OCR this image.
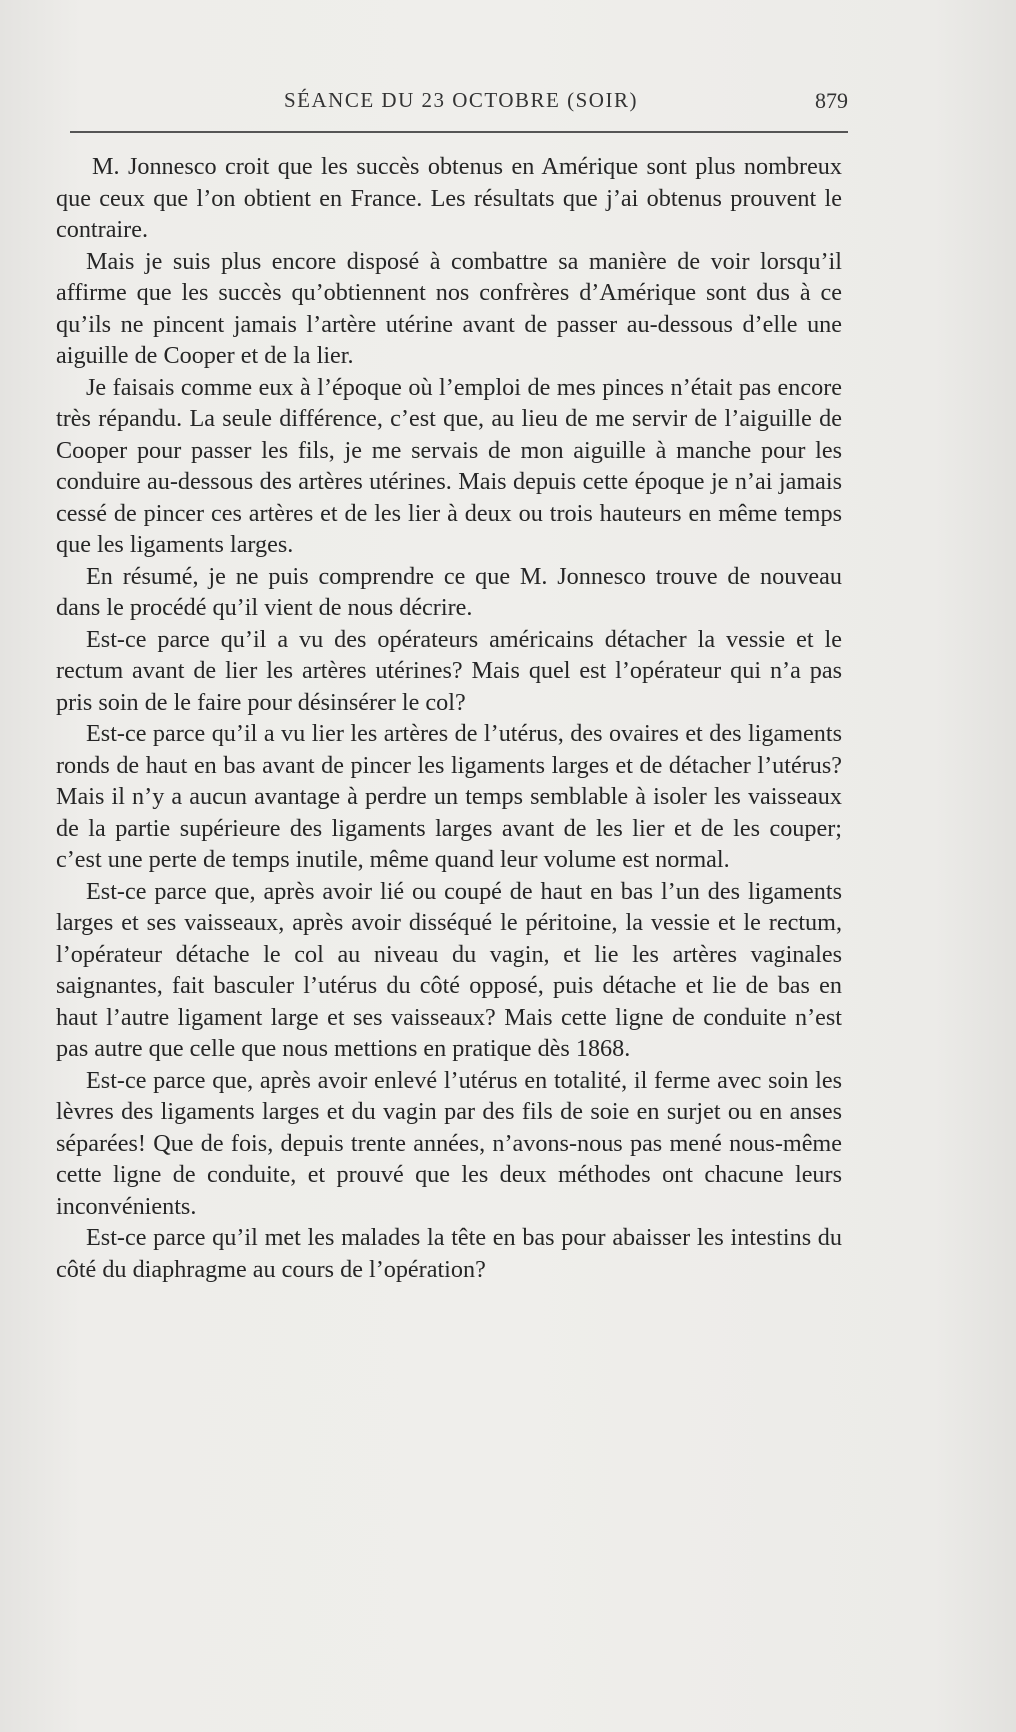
SÉANCE DU 23 OCTOBRE (SOIR)	879

M. Jonnesco croit que les succès obtenus en Amérique sont plus nombreux que ceux que l’on obtient en France. Les résultats que j’ai obtenus prouvent le contraire.

Mais je suis plus encore disposé à combattre sa manière de voir lorsqu’il affirme que les succès qu’obtiennent nos confrères d’Amérique sont dus à ce qu’ils ne pincent jamais l’artère utérine avant de passer au-dessous d’elle une aiguille de Cooper et de la lier.

Je faisais comme eux à l’époque où l’emploi de mes pinces n’était pas encore très répandu. La seule différence, c’est que, au lieu de me servir de l’aiguille de Cooper pour passer les fils, je me servais de mon aiguille à manche pour les conduire au-dessous des artères utérines. Mais depuis cette époque je n’ai jamais cessé de pincer ces artères et de les lier à deux ou trois hauteurs en même temps que les ligaments larges.

En résumé, je ne puis comprendre ce que M. Jonnesco trouve de nouveau dans le procédé qu’il vient de nous décrire.

Est-ce parce qu’il a vu des opérateurs américains détacher la vessie et le rectum avant de lier les artères utérines? Mais quel est l’opérateur qui n’a pas pris soin de le faire pour désinsérer le col?

Est-ce parce qu’il a vu lier les artères de l’utérus, des ovaires et des ligaments ronds de haut en bas avant de pincer les ligaments larges et de détacher l’utérus? Mais il n’y a aucun avantage à perdre un temps semblable à isoler les vaisseaux de la partie supérieure des ligaments larges avant de les lier et de les couper; c’est une perte de temps inutile, même quand leur volume est normal.

Est-ce parce que, après avoir lié ou coupé de haut en bas l’un des ligaments larges et ses vaisseaux, après avoir disséqué le péritoine, la vessie et le rectum, l’opérateur détache le col au niveau du vagin, et lie les artères vaginales saignantes, fait basculer l’utérus du côté opposé, puis détache et lie de bas en haut l’autre ligament large et ses vaisseaux? Mais cette ligne de conduite n’est pas autre que celle que nous mettions en pratique dès 1868.

Est-ce parce que, après avoir enlevé l’utérus en totalité, il ferme avec soin les lèvres des ligaments larges et du vagin par des fils de soie en surjet ou en anses séparées! Que de fois, depuis trente années, n’avons-nous pas mené nous-même cette ligne de conduite, et prouvé que les deux méthodes ont chacune leurs inconvénients.

Est-ce parce qu’il met les malades la tête en bas pour abaisser les intestins du côté du diaphragme au cours de l’opération?
